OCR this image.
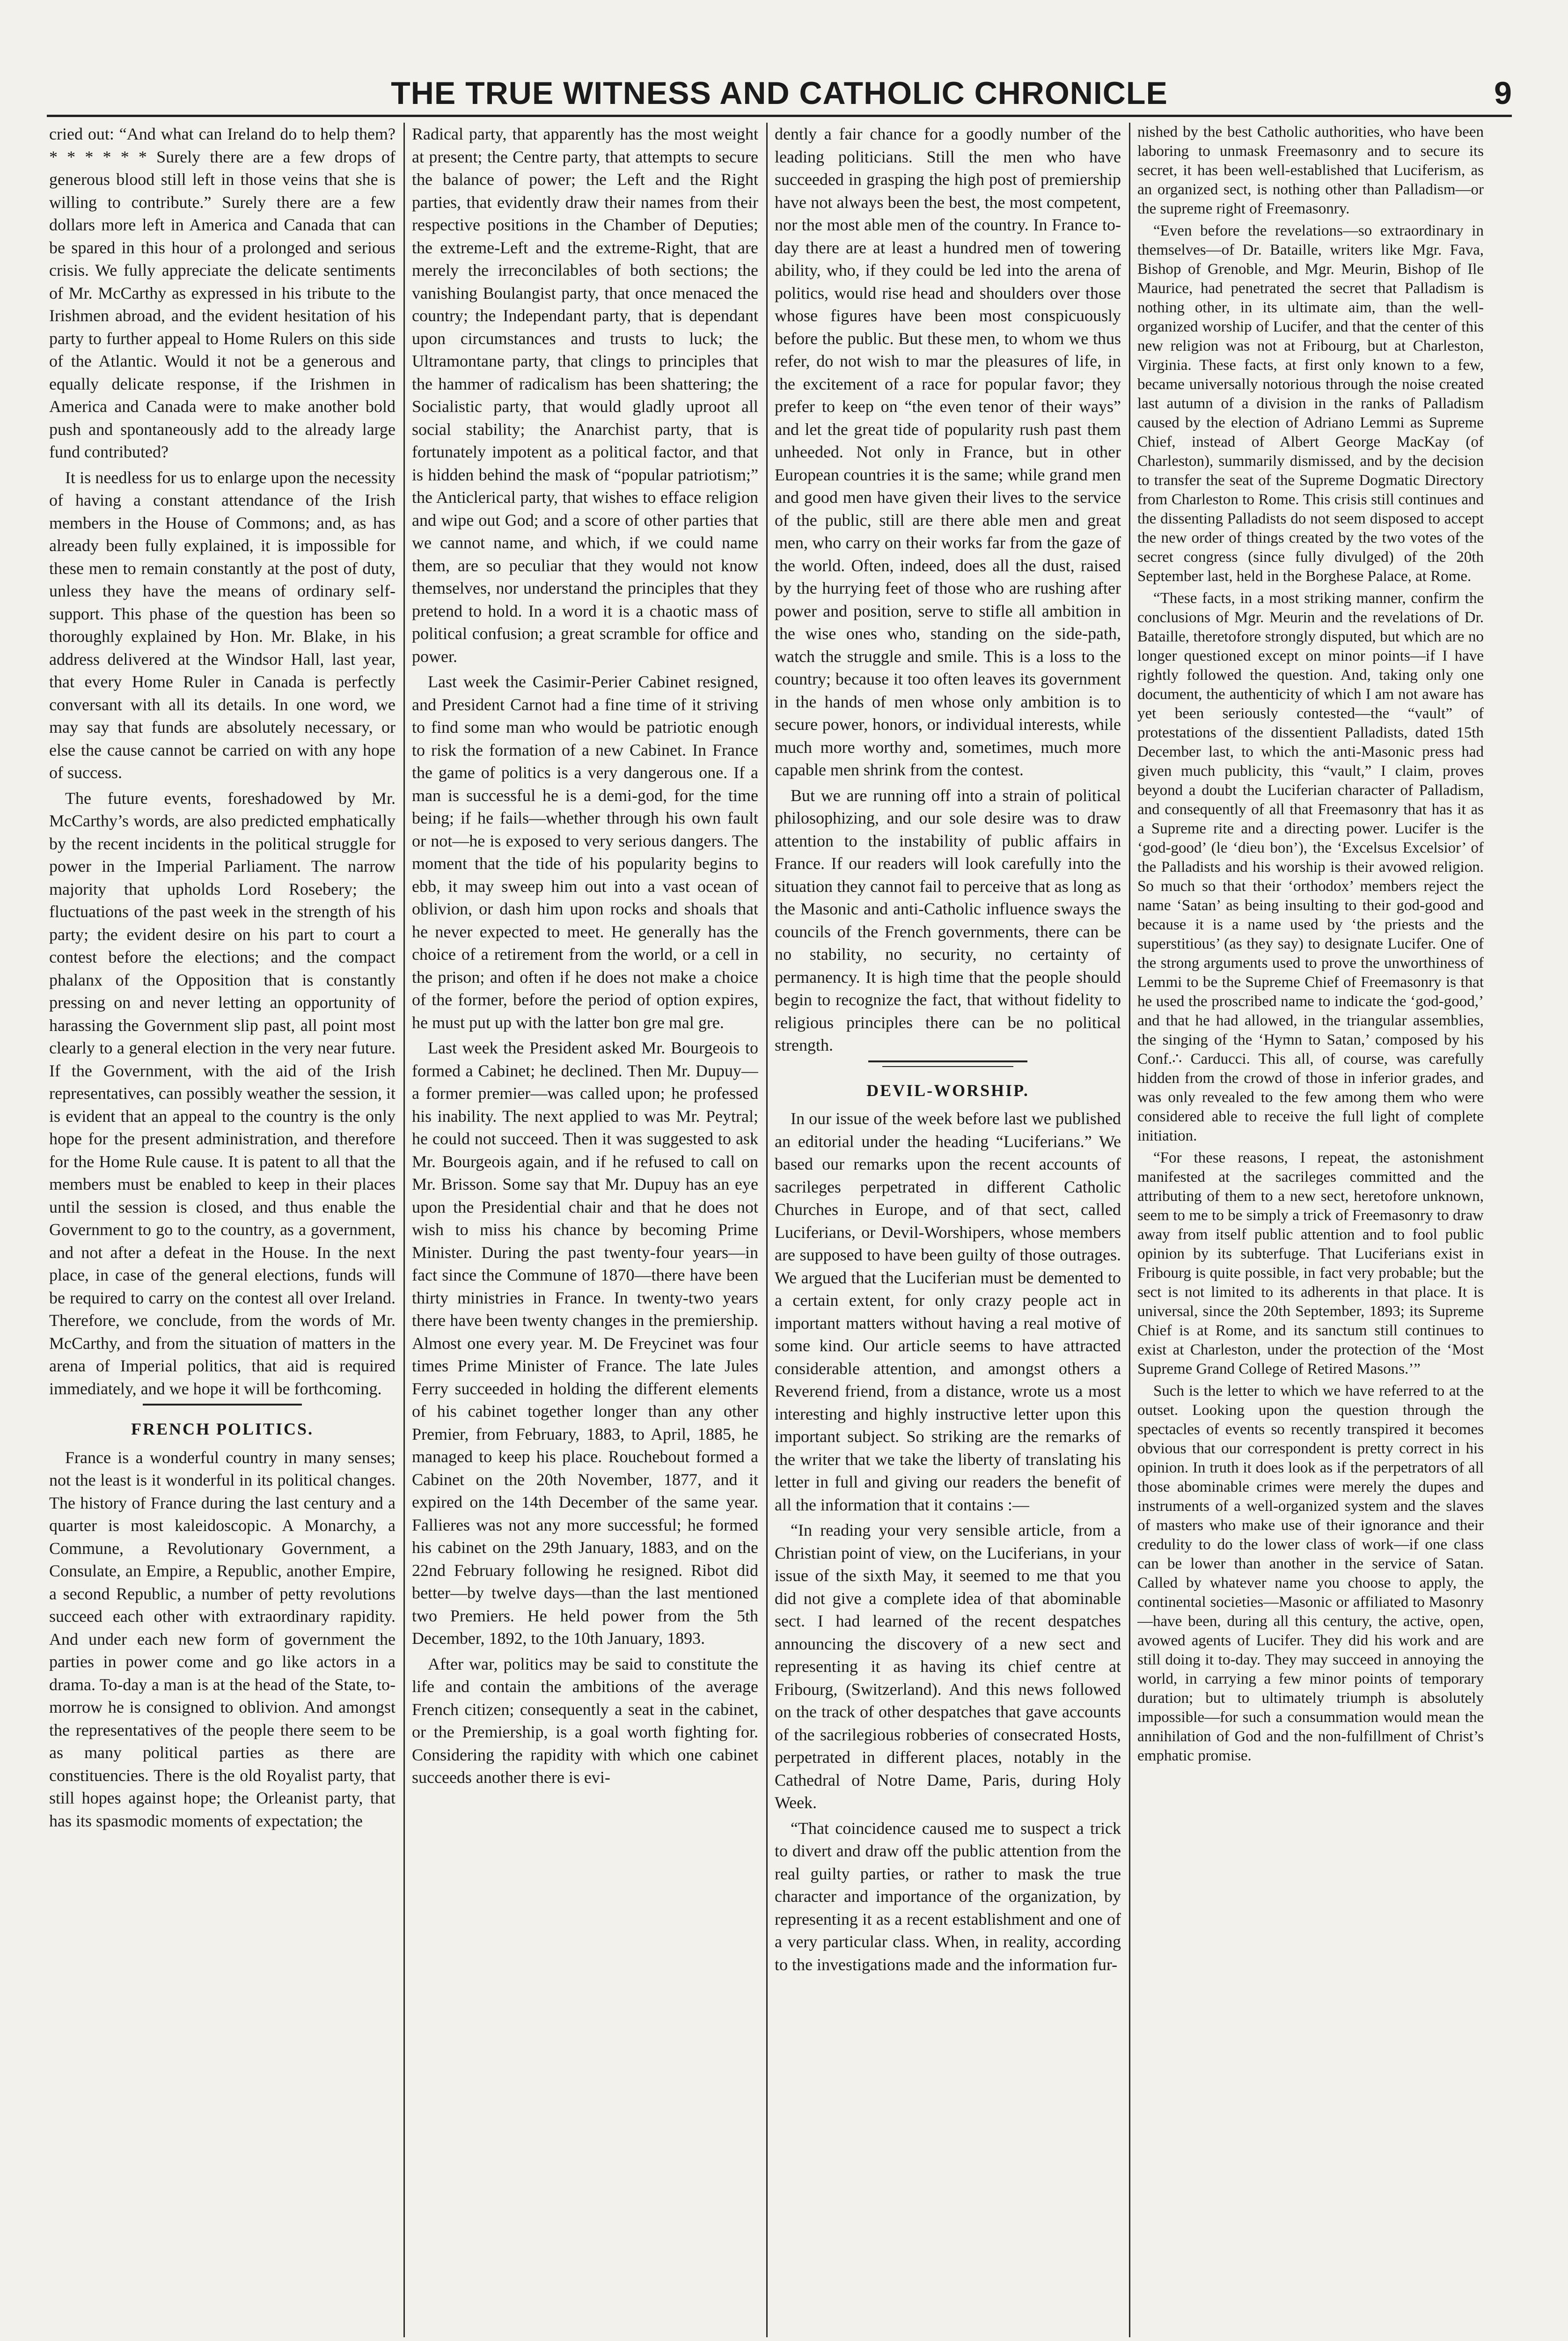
THE TRUE WITNESS AND CATHOLIC CHRONICLE	9

cried out: “And what can Ireland do to help them? * * * * * * Surely there are a few drops of generous blood still left in those veins that she is willing to contribute.” Surely there are a few dollars more left in America and Canada that can be spared in this hour of a prolonged and serious crisis. We fully appreciate the delicate sentiments of Mr. McCarthy as expressed in his tribute to the Irishmen abroad, and the evident hesitation of his party to further appeal to Home Rulers on this side of the Atlantic. Would it not be a generous and equally delicate response, if the Irishmen in America and Canada were to make another bold push and spontaneously add to the already large fund contributed?

It is needless for us to enlarge upon the necessity of having a constant attendance of the Irish members in the House of Commons; and, as has already been fully explained, it is impossible for these men to remain constantly at the post of duty, unless they have the means of ordinary self-support. This phase of the question has been so thoroughly explained by Hon. Mr. Blake, in his address delivered at the Windsor Hall, last year, that every Home Ruler in Canada is perfectly conversant with all its details. In one word, we may say that funds are absolutely necessary, or else the cause cannot be carried on with any hope of success.

The future events, foreshadowed by Mr. McCarthy’s words, are also predicted emphatically by the recent incidents in the political struggle for power in the Imperial Parliament. The narrow majority that upholds Lord Rosebery; the fluctuations of the past week in the strength of his party; the evident desire on his part to court a contest before the elections; and the compact phalanx of the Opposition that is constantly pressing on and never letting an opportunity of harassing the Government slip past, all point most clearly to a general election in the very near future. If the Government, with the aid of the Irish representatives, can possibly weather the session, it is evident that an appeal to the country is the only hope for the present administration, and therefore for the Home Rule cause. It is patent to all that the members must be enabled to keep in their places until the session is closed, and thus enable the Government to go to the country, as a government, and not after a defeat in the House. In the next place, in case of the general elections, funds will be required to carry on the contest all over Ireland. Therefore, we conclude, from the words of Mr. McCarthy, and from the situation of matters in the arena of Imperial politics, that aid is required immediately, and we hope it will be forthcoming.

FRENCH POLITICS.

France is a wonderful country in many senses; not the least is it wonderful in its political changes. The history of France during the last century and a quarter is most kaleidoscopic. A Monarchy, a Commune, a Revolutionary Government, a Consulate, an Empire, a Republic, another Empire, a second Republic, a number of petty revolutions succeed each other with extraordinary rapidity. And under each new form of government the parties in power come and go like actors in a drama. To-day a man is at the head of the State, to-morrow he is consigned to oblivion. And amongst the representatives of the people there seem to be as many political parties as there are constituencies. There is the old Royalist party, that still hopes against hope; the Orleanist party, that has its spasmodic moments of expectation; the

Radical party, that apparently has the most weight at present; the Centre party, that attempts to secure the balance of power; the Left and the Right parties, that evidently draw their names from their respective positions in the Chamber of Deputies; the extreme-Left and the extreme-Right, that are merely the irreconcilables of both sections; the vanishing Boulangist party, that once menaced the country; the Independant party, that is dependant upon circumstances and trusts to luck; the Ultramontane party, that clings to principles that the hammer of radicalism has been shattering; the Socialistic party, that would gladly uproot all social stability; the Anarchist party, that is fortunately impotent as a political factor, and that is hidden behind the mask of “popular patriotism;” the Anticlerical party, that wishes to efface religion and wipe out God; and a score of other parties that we cannot name, and which, if we could name them, are so peculiar that they would not know themselves, nor understand the principles that they pretend to hold. In a word it is a chaotic mass of political confusion; a great scramble for office and power.

Last week the Casimir-Perier Cabinet resigned, and President Carnot had a fine time of it striving to find some man who would be patriotic enough to risk the formation of a new Cabinet. In France the game of politics is a very dangerous one. If a man is successful he is a demi-god, for the time being; if he fails—whether through his own fault or not—he is exposed to very serious dangers. The moment that the tide of his popularity begins to ebb, it may sweep him out into a vast ocean of oblivion, or dash him upon rocks and shoals that he never expected to meet. He generally has the choice of a retirement from the world, or a cell in the prison; and often if he does not make a choice of the former, before the period of option expires, he must put up with the latter bon gre mal gre.

Last week the President asked Mr. Bourgeois to formed a Cabinet; he declined. Then Mr. Dupuy—a former premier—was called upon; he professed his inability. The next applied to was Mr. Peytral; he could not succeed. Then it was suggested to ask Mr. Bourgeois again, and if he refused to call on Mr. Brisson. Some say that Mr. Dupuy has an eye upon the Presidential chair and that he does not wish to miss his chance by becoming Prime Minister. During the past twenty-four years—in fact since the Commune of 1870—there have been thirty ministries in France. In twenty-two years there have been twenty changes in the premiership. Almost one every year. M. De Freycinet was four times Prime Minister of France. The late Jules Ferry succeeded in holding the different elements of his cabinet together longer than any other Premier, from February, 1883, to April, 1885, he managed to keep his place. Rouchebout formed a Cabinet on the 20th November, 1877, and it expired on the 14th December of the same year. Fallieres was not any more successful; he formed his cabinet on the 29th January, 1883, and on the 22nd February following he resigned. Ribot did better—by twelve days—than the last mentioned two Premiers. He held power from the 5th December, 1892, to the 10th January, 1893.

After war, politics may be said to constitute the life and contain the ambitions of the average French citizen; consequently a seat in the cabinet, or the Premiership, is a goal worth fighting for. Considering the rapidity with which one cabinet succeeds another there is evi-

dently a fair chance for a goodly number of the leading politicians. Still the men who have succeeded in grasping the high post of premiership have not always been the best, the most competent, nor the most able men of the country. In France to-day there are at least a hundred men of towering ability, who, if they could be led into the arena of politics, would rise head and shoulders over those whose figures have been most conspicuously before the public. But these men, to whom we thus refer, do not wish to mar the pleasures of life, in the excitement of a race for popular favor; they prefer to keep on “the even tenor of their ways” and let the great tide of popularity rush past them unheeded. Not only in France, but in other European countries it is the same; while grand men and good men have given their lives to the service of the public, still are there able men and great men, who carry on their works far from the gaze of the world. Often, indeed, does all the dust, raised by the hurrying feet of those who are rushing after power and position, serve to stifle all ambition in the wise ones who, standing on the side-path, watch the struggle and smile. This is a loss to the country; because it too often leaves its government in the hands of men whose only ambition is to secure power, honors, or individual interests, while much more worthy and, sometimes, much more capable men shrink from the contest.

But we are running off into a strain of political philosophizing, and our sole desire was to draw attention to the instability of public affairs in France. If our readers will look carefully into the situation they cannot fail to perceive that as long as the Masonic and anti-Catholic influence sways the councils of the French governments, there can be no stability, no security, no certainty of permanency. It is high time that the people should begin to recognize the fact, that without fidelity to religious principles there can be no political strength.

DEVIL-WORSHIP.

In our issue of the week before last we published an editorial under the heading “Luciferians.” We based our remarks upon the recent accounts of sacrileges perpetrated in different Catholic Churches in Europe, and of that sect, called Luciferians, or Devil-Worshipers, whose members are supposed to have been guilty of those outrages. We argued that the Luciferian must be demented to a certain extent, for only crazy people act in important matters without having a real motive of some kind. Our article seems to have attracted considerable attention, and amongst others a Reverend friend, from a distance, wrote us a most interesting and highly instructive letter upon this important subject. So striking are the remarks of the writer that we take the liberty of translating his letter in full and giving our readers the benefit of all the information that it contains :—

“In reading your very sensible article, from a Christian point of view, on the Luciferians, in your issue of the sixth May, it seemed to me that you did not give a complete idea of that abominable sect. I had learned of the recent despatches announcing the discovery of a new sect and representing it as having its chief centre at Fribourg, (Switzerland). And this news followed on the track of other despatches that gave accounts of the sacrilegious robberies of consecrated Hosts, perpetrated in different places, notably in the Cathedral of Notre Dame, Paris, during Holy Week.

“That coincidence caused me to suspect a trick to divert and draw off the public attention from the real guilty parties, or rather to mask the true character and importance of the organization, by representing it as a recent establishment and one of a very particular class. When, in reality, according to the investigations made and the information fur-

nished by the best Catholic authorities, who have been laboring to unmask Freemasonry and to secure its secret, it has been well-established that Luciferism, as an organized sect, is nothing other than Palladism—or the supreme right of Freemasonry.

“Even before the revelations—so extraordinary in themselves—of Dr. Bataille, writers like Mgr. Fava, Bishop of Grenoble, and Mgr. Meurin, Bishop of Ile Maurice, had penetrated the secret that Palladism is nothing other, in its ultimate aim, than the well-organized worship of Lucifer, and that the center of this new religion was not at Fribourg, but at Charleston, Virginia. These facts, at first only known to a few, became universally notorious through the noise created last autumn of a division in the ranks of Palladism caused by the election of Adriano Lemmi as Supreme Chief, instead of Albert George MacKay (of Charleston), summarily dismissed, and by the decision to transfer the seat of the Supreme Dogmatic Directory from Charleston to Rome. This crisis still continues and the dissenting Palladists do not seem disposed to accept the new order of things created by the two votes of the secret congress (since fully divulged) of the 20th September last, held in the Borghese Palace, at Rome.

“These facts, in a most striking manner, confirm the conclusions of Mgr. Meurin and the revelations of Dr. Bataille, theretofore strongly disputed, but which are no longer questioned except on minor points—if I have rightly followed the question. And, taking only one document, the authenticity of which I am not aware has yet been seriously contested—the “vault” of protestations of the dissentient Palladists, dated 15th December last, to which the anti-Masonic press had given much publicity, this “vault,” I claim, proves beyond a doubt the Luciferian character of Palladism, and consequently of all that Freemasonry that has it as a Supreme rite and a directing power. Lucifer is the ‘god-good’ (le ‘dieu bon’), the ‘Excelsus Excelsior’ of the Palladists and his worship is their avowed religion. So much so that their ‘orthodox’ members reject the name ‘Satan’ as being insulting to their god-good and because it is a name used by ‘the priests and the superstitious’ (as they say) to designate Lucifer. One of the strong arguments used to prove the unworthiness of Lemmi to be the Supreme Chief of Freemasonry is that he used the proscribed name to indicate the ‘god-good,’ and that he had allowed, in the triangular assemblies, the singing of the ‘Hymn to Satan,’ composed by his Conf.∴ Carducci. This all, of course, was carefully hidden from the crowd of those in inferior grades, and was only revealed to the few among them who were considered able to receive the full light of complete initiation.

“For these reasons, I repeat, the astonishment manifested at the sacrileges committed and the attributing of them to a new sect, heretofore unknown, seem to me to be simply a trick of Freemasonry to draw away from itself public attention and to fool public opinion by its subterfuge. That Luciferians exist in Fribourg is quite possible, in fact very probable; but the sect is not limited to its adherents in that place. It is universal, since the 20th September, 1893; its Supreme Chief is at Rome, and its sanctum still continues to exist at Charleston, under the protection of the ‘Most Supreme Grand College of Retired Masons.’”

Such is the letter to which we have referred to at the outset. Looking upon the question through the spectacles of events so recently transpired it becomes obvious that our correspondent is pretty correct in his opinion. In truth it does look as if the perpetrators of all those abominable crimes were merely the dupes and instruments of a well-organized system and the slaves of masters who make use of their ignorance and their credulity to do the lower class of work—if one class can be lower than another in the service of Satan. Called by whatever name you choose to apply, the continental societies—Masonic or affiliated to Masonry—have been, during all this century, the active, open, avowed agents of Lucifer. They did his work and are still doing it to-day. They may succeed in annoying the world, in carrying a few minor points of temporary duration; but to ultimately triumph is absolutely impossible—for such a consummation would mean the annihilation of God and the non-fulfillment of Christ’s emphatic promise.
